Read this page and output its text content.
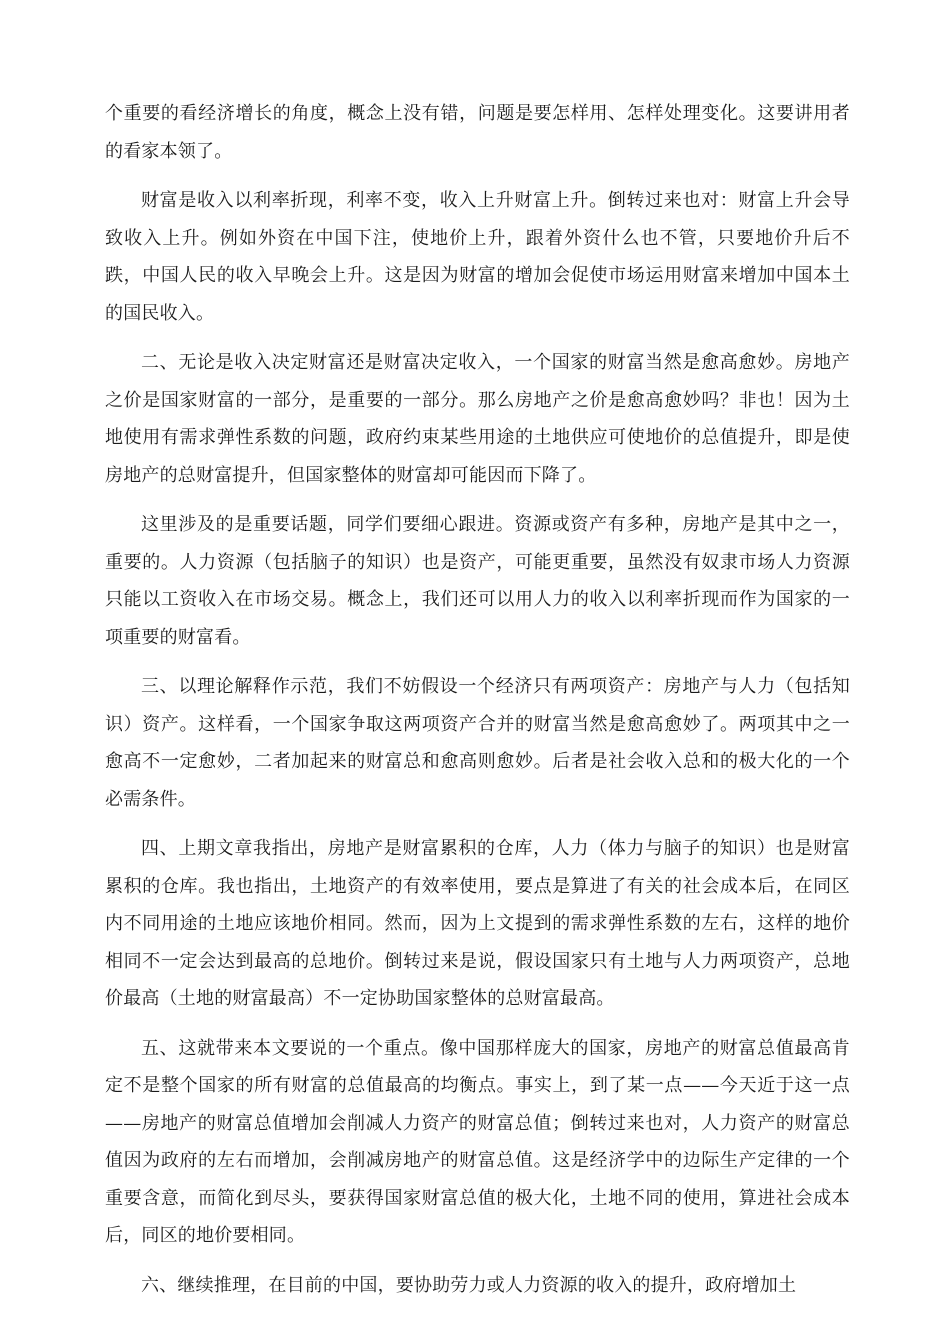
个重要的看经济增长的角度，概念上没有错，问题是要怎样用、怎样处理变化。这要讲用者的看家本领了。

财富是收入以利率折现，利率不变，收入上升财富上升。倒转过来也对：财富上升会导致收入上升。例如外资在中国下注，使地价上升，跟着外资什么也不管，只要地价升后不跌，中国人民的收入早晚会上升。这是因为财富的增加会促使市场运用财富来增加中国本土的国民收入。

二、无论是收入决定财富还是财富决定收入，一个国家的财富当然是愈高愈妙。房地产之价是国家财富的一部分，是重要的一部分。那么房地产之价是愈高愈妙吗？非也！因为土地使用有需求弹性系数的问题，政府约束某些用途的土地供应可使地价的总值提升，即是使房地产的总财富提升，但国家整体的财富却可能因而下降了。

这里涉及的是重要话题，同学们要细心跟进。资源或资产有多种，房地产是其中之一，重要的。人力资源（包括脑子的知识）也是资产，可能更重要，虽然没有奴隶市场人力资源只能以工资收入在市场交易。概念上，我们还可以用人力的收入以利率折现而作为国家的一项重要的财富看。

三、以理论解释作示范，我们不妨假设一个经济只有两项资产：房地产与人力（包括知识）资产。这样看，一个国家争取这两项资产合并的财富当然是愈高愈妙了。两项其中之一愈高不一定愈妙，二者加起来的财富总和愈高则愈妙。后者是社会收入总和的极大化的一个必需条件。

四、上期文章我指出，房地产是财富累积的仓库，人力（体力与脑子的知识）也是财富累积的仓库。我也指出，土地资产的有效率使用，要点是算进了有关的社会成本后，在同区内不同用途的土地应该地价相同。然而，因为上文提到的需求弹性系数的左右，这样的地价相同不一定会达到最高的总地价。倒转过来是说，假设国家只有土地与人力两项资产，总地价最高（土地的财富最高）不一定协助国家整体的总财富最高。

五、这就带来本文要说的一个重点。像中国那样庞大的国家，房地产的财富总值最高肯定不是整个国家的所有财富的总值最高的均衡点。事实上，到了某一点——今天近于这一点——房地产的财富总值增加会削减人力资产的财富总值；倒转过来也对，人力资产的财富总值因为政府的左右而增加，会削减房地产的财富总值。这是经济学中的边际生产定律的一个重要含意，而简化到尽头，要获得国家财富总值的极大化，土地不同的使用，算进社会成本后，同区的地价要相同。

六、继续推理，在目前的中国，要协助劳力或人力资源的收入的提升，政府增加土
